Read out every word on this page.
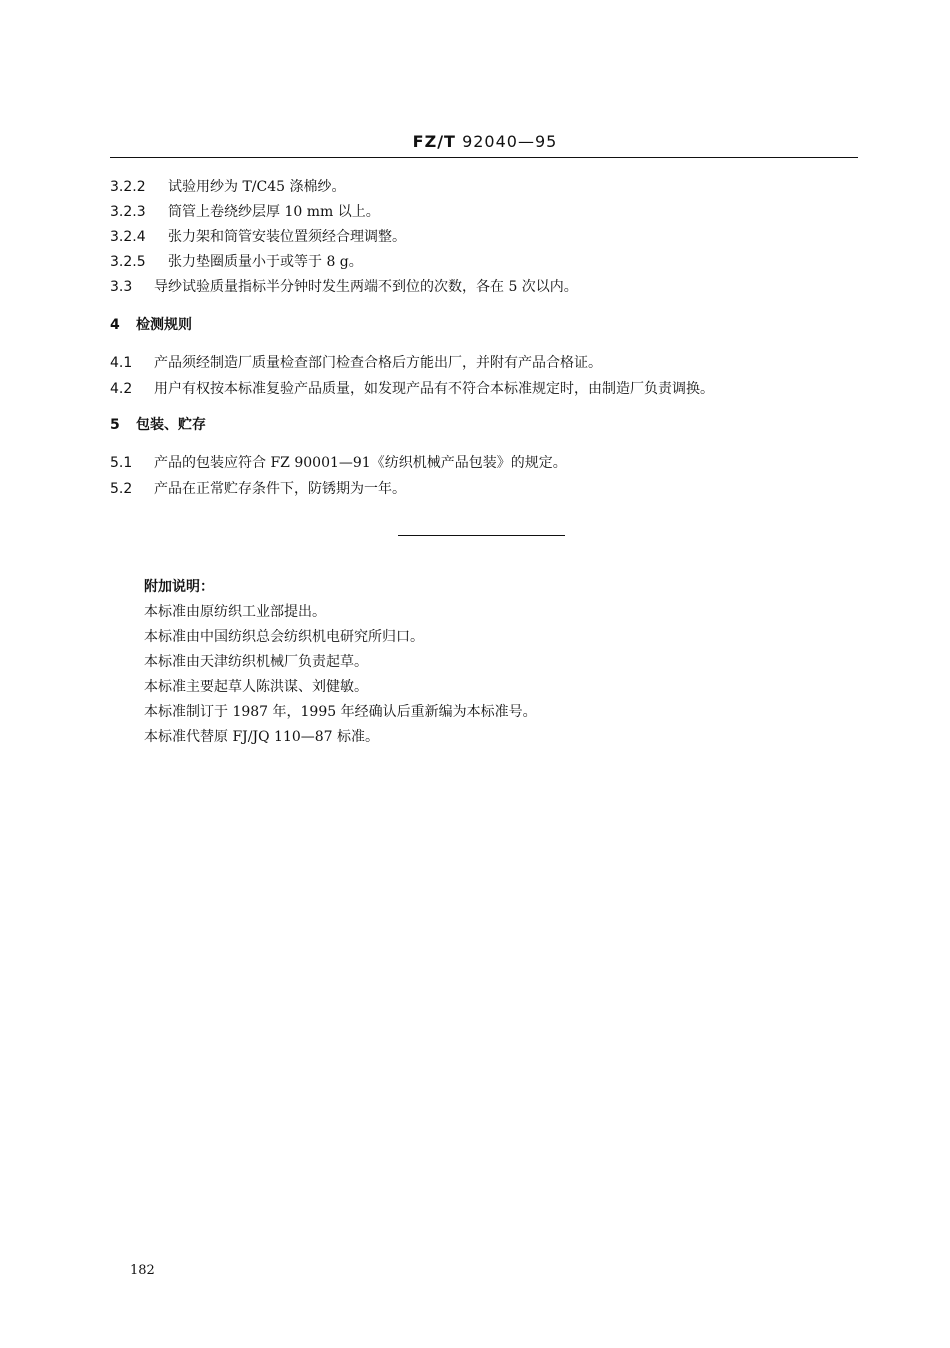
FZ/T 92040—95
3.2.2 试验用纱为 T/C45 涤棉纱。
3.2.3 筒管上卷绕纱层厚 10 mm 以上。
3.2.4 张力架和筒管安装位置须经合理调整。
3.2.5 张力垫圈质量小于或等于 8 g。
3.3 导纱试验质量指标半分钟时发生两端不到位的次数，各在 5 次以内。
4 检测规则
4.1 产品须经制造厂质量检查部门检查合格后方能出厂，并附有产品合格证。
4.2 用户有权按本标准复验产品质量，如发现产品有不符合本标准规定时，由制造厂负责调换。
5 包装、贮存
5.1 产品的包装应符合 FZ 90001—91《纺织机械产品包装》的规定。
5.2 产品在正常贮存条件下，防锈期为一年。
附加说明：
本标准由原纺织工业部提出。
本标准由中国纺织总会纺织机电研究所归口。
本标准由天津纺织机械厂负责起草。
本标准主要起草人陈洪谋、刘健敏。
本标准制订于 1987 年，1995 年经确认后重新编为本标准号。
本标准代替原 FJ/JQ 110—87 标准。
182
